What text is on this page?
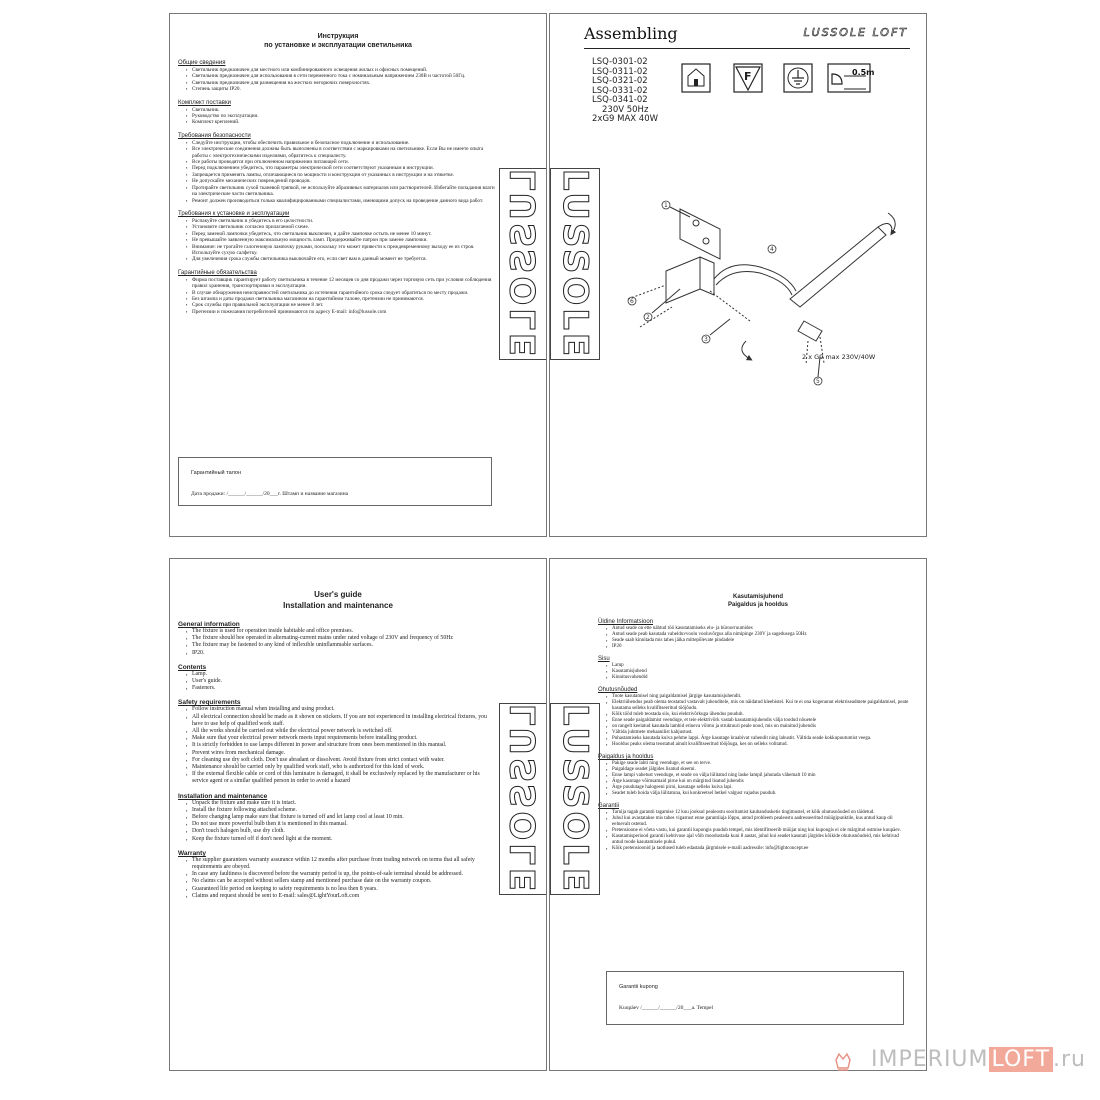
Инструкция
по установке и эксплуатации светильника
Общие сведения
▪ Светильник предназначен для местного или комбинированного освещения жилых и офисных помещений.
▪ Светильник предназначен для использования в сети переменного тока с номинальным напряжением 230В и частотой 50Гц.
▪ Светильник предназначен для размещения на жестких негорючих поверхностях.
▪ Степень защиты IP20.
Комплект поставки
▪ Светильник.
▪ Руководство по эксплуатации.
▪ Комплект креплений.
Требования безопасности
▪ Следуйте инструкции, чтобы обеспечить правильное и безопасное подключение и использование.
▪ Все электрические соединения должны быть выполнены в соответствии с маркировками на светильнике. Если Вы не имеете опыта работы с электротехническими изделиями, обратитесь к специалисту.
▪ Все работы проводятся при отключенном напряжении питающей сети.
▪ Перед подключением убедитесь, что параметры электрической сети соответствуют указанным в инструкции.
▪ Запрещается применять лампы, отличающиеся по мощности и конструкции от указанных в инструкции и на этикетке.
▪ Не допускайте механических повреждений проводов.
▪ Протирайте светильник сухой тканевой тряпкой, не используйте абразивных материалов или растворителей. Избегайте попадания влаги на электрические части светильника.
▪ Ремонт должен производиться только квалифицированными специалистами, имеющими допуск на проведение данного вида работ.
Требования к установке и эксплуатации
▪ Распакуйте светильник и убедитесь в его целостности.
▪ Установите светильник согласно прилагаемой схеме.
▪ Перед заменой лампочки убедитесь, что светильник выключен, и дайте лампочке остыть не менее 10 минут.
▪ Не превышайте заявленную максимальную мощность ламп. Придерживайте патрон при замене лампочки.
▪ Внимание: не трогайте галогеновую лампочку руками, поскольку это может привести к преждевременному выходу ее из строя. Используйте сухую салфетку.
▪ Для увеличения срока службы светильника выключайте его, если свет вам в данный момент не требуется.
Гарантийные обязательства
▪ Фирма поставщик гарантирует работу светильника в течение 12 месяцев со дня продажи через торговую сеть при условии соблюдения правил хранения, транспортировки и эксплуатации.
▪ В случае обнаружения неисправностей светильника до истечения гарантийного срока следует обратиться по месту продажи.
▪ Без штампа и даты продажи светильника магазином на гарантийном талоне, претензии не принимаются.
▪ Срок службы при правильной эксплуатации не менее 8 лет.
▪ Претензии и пожелания потребителей принимаются по адресу E-mail: info@lussole.com
Гарантийный талон
Дата продажи: /______/______/20___г. Штамп и название магазина
LUSSOLE
Assembling	LUSSOLE LOFT
LUSSOLE
LSQ-0301-02
LSQ-0311-02
LSQ-0321-02
LSQ-0331-02
LSQ-0341-02
230V 50Hz
2xG9 MAX 40W
F	0.5m
1
2
3
4
5
6
2 x G9 max 230V/40W
User's guide
Installation and maintenance
General information
▪ The fixture is used for operation inside habitable and office premises.
▪ The fixture should bee operated in alternating-current mains under rated voltage of 230V and frequency of 50Hz
▪ The fixture may be fastened to any kind of inflexible uninflammable surfaces.
▪ IP20.
Contents
▪ Lamp.
▪ User's guide.
▪ Fasteners.
Safety requirements
▪ Follow instruction manual when installing and using product.
▪ All electrical connection should be made as it shown on stickers. If you are not experienced in installing electrical fixtures, you have to use help of qualified work staff.
▪ All the works should be carried out while the electrical power network is switched off.
▪ Make sure that your electrical power network meets input requirements before installing product.
▪ It is strictly forbidden to use lamps different in power and structure from ones been mentioned in this manual.
▪ Prevent wires from mechanical damage.
▪ For cleaning use dry soft cloth. Don't use abradant or dissolvent. Avoid fixture from strict contact with water.
▪ Maintenance should be carried only by qualified work staff, who is authorized for this kind of work.
▪ If the external flexible cable or cord of this luminaire is damaged, it shall be exclusively replaced by the manufacturer or his service agent or a similar qualified person in order to avoid a hazard
Installation and maintenance
▪ Unpack the fixture and make sure it is intact.
▪ Install the fixture following attached scheme.
▪ Before changing lamp make sure that fixture is turned off and let lamp cool at least 10 min.
▪ Do not use more powerful bulb then it is mentioned in this manual.
▪ Don't touch halogen bulb, use dry cloth.
▪ Keep the fixture turned off if don't need light at the moment.
Warranty
▪ The supplier guarantees warranty assurance within 12 months after purchase from trading network on terms that all safety requirements are obeyed.
▪ In case any faultiness is discovered before the warranty period is up, the points-of-sale terminal should be addressed.
▪ No claims can be accepted without sellers stamp and mentioned purchase date on the warranty coupon.
▪ Guaranteed life period on keeping to safety requirements is no less then 8 years.
▪ Claims and request should be sent to E-mail: sales@LightYourLoft.com
LUSSOLE
Kasutamisjuhend
Paigaldus ja hooldus
Üldine Informatsioon
▪ Antud seade on ette nähtud töö kasutatamiseks elu- ja büroorruumides
▪ Antud seade peab kasutada vahelduvvoolu vooluvõrgus alla nimipinge 230V ja sagedusega 50Hz
▪ Seade saab kinnitada mis tahes jäika mittepõlevate pindadele
▪ IP20
Sisu
▪ Lamp
▪ Kasutamisjuhend
▪ Kinnitusvahendid
Ohutusnõuded
▪ Toote kasutamisel ning paigaldamisel järgige kasutamisjuhendit.
▪ Elektriühendus peab olema teostatud vastavalt juhenditele, mis on näidatud kleebistel. Kui te ei ona kogenunut elektriseadmete paigaldamisel, peate kasutama selleks kvalifitseeritud tööjõudu.
▪ Kõik tööd tuleb teostada siis, kui elektrivõrkuga ühendus puudub.
▪ Enne seade paigaldamist veenduge, et teie elektrivõrk vastab kasutamisjuhendis välja toodud nõuetele
▪ on rangelt keelatud kasutada lambid erineva võimu ja struktuuri peale nood, mis on mainitud juhendis
▪ Vältida juhtmete mehaanilist kahjustust.
▪ Puhastamiseks kasutada kuiva pehme lappi. Ärge kasutage kraabivat vahendit ning lahustit. Vältida seade kokkupuutumist veega.
▪ Hooldus peaks olema teostatud ainult kvalifitseeritud tööjõuga, kes on selleks volitatud.
Paigaldus ja hooldus
▪ Pakige seade lahti ning veenduge, et see on terve.
▪ Paigaldage seadet jälgides lisatud skeemi.
▪ Enne lampi vahetust veenduge, et seade on välja lülitatud ning laske lampil jahutada vähemalt 10 min
▪ Ärge kasutage võimsamaid pirne kui on märgitud lisatud juhendis
▪ Ärge puudutage halogeeni pirni, kasutage selleks kuiva lapi.
▪ Seadet tuleb hoida välja lülitatuna, kui konkreetsel hetkel valgust vajadus puudub.
Garantii
▪ Tarnija tagab garantii tagamise 12 kuu jooksul pealeostu sooritamist kaubandusketis tingimustel, et kõik ohutusnõuded on täidetud.
▪ Juhul kui avastatakse mis tahes vigastust enne garantiiaja lõppu, antud probleem pealeostu aadresseeritud müügipunktile, kus antud kaup oli eelnevalt ostetud.
▪ Pretensioone ei võeta vastu, kui garantii kupongis puudub tempel, mis identifitseerib müüjat ning kui kupongis ei ole märgitud ostmise kuupäev.
▪ Kasutamisperiood garantii kehtivuse ajal võib moodustada kuni 8 aastat, juhul kui seadet kasutati järgides kõikide ohutusnõudeid, mis kehtivad antud toode kasutamisele puhul.
▪ Kõik pretensioonid ja taotlused tuleb edastada järgmisele e-maili aadressile: info@lightconcept.ee
LUSSOLE
Garantii kupong
Kuupäev /______/______/20___a. Tempel
IMPERIUM LOFT .ru
